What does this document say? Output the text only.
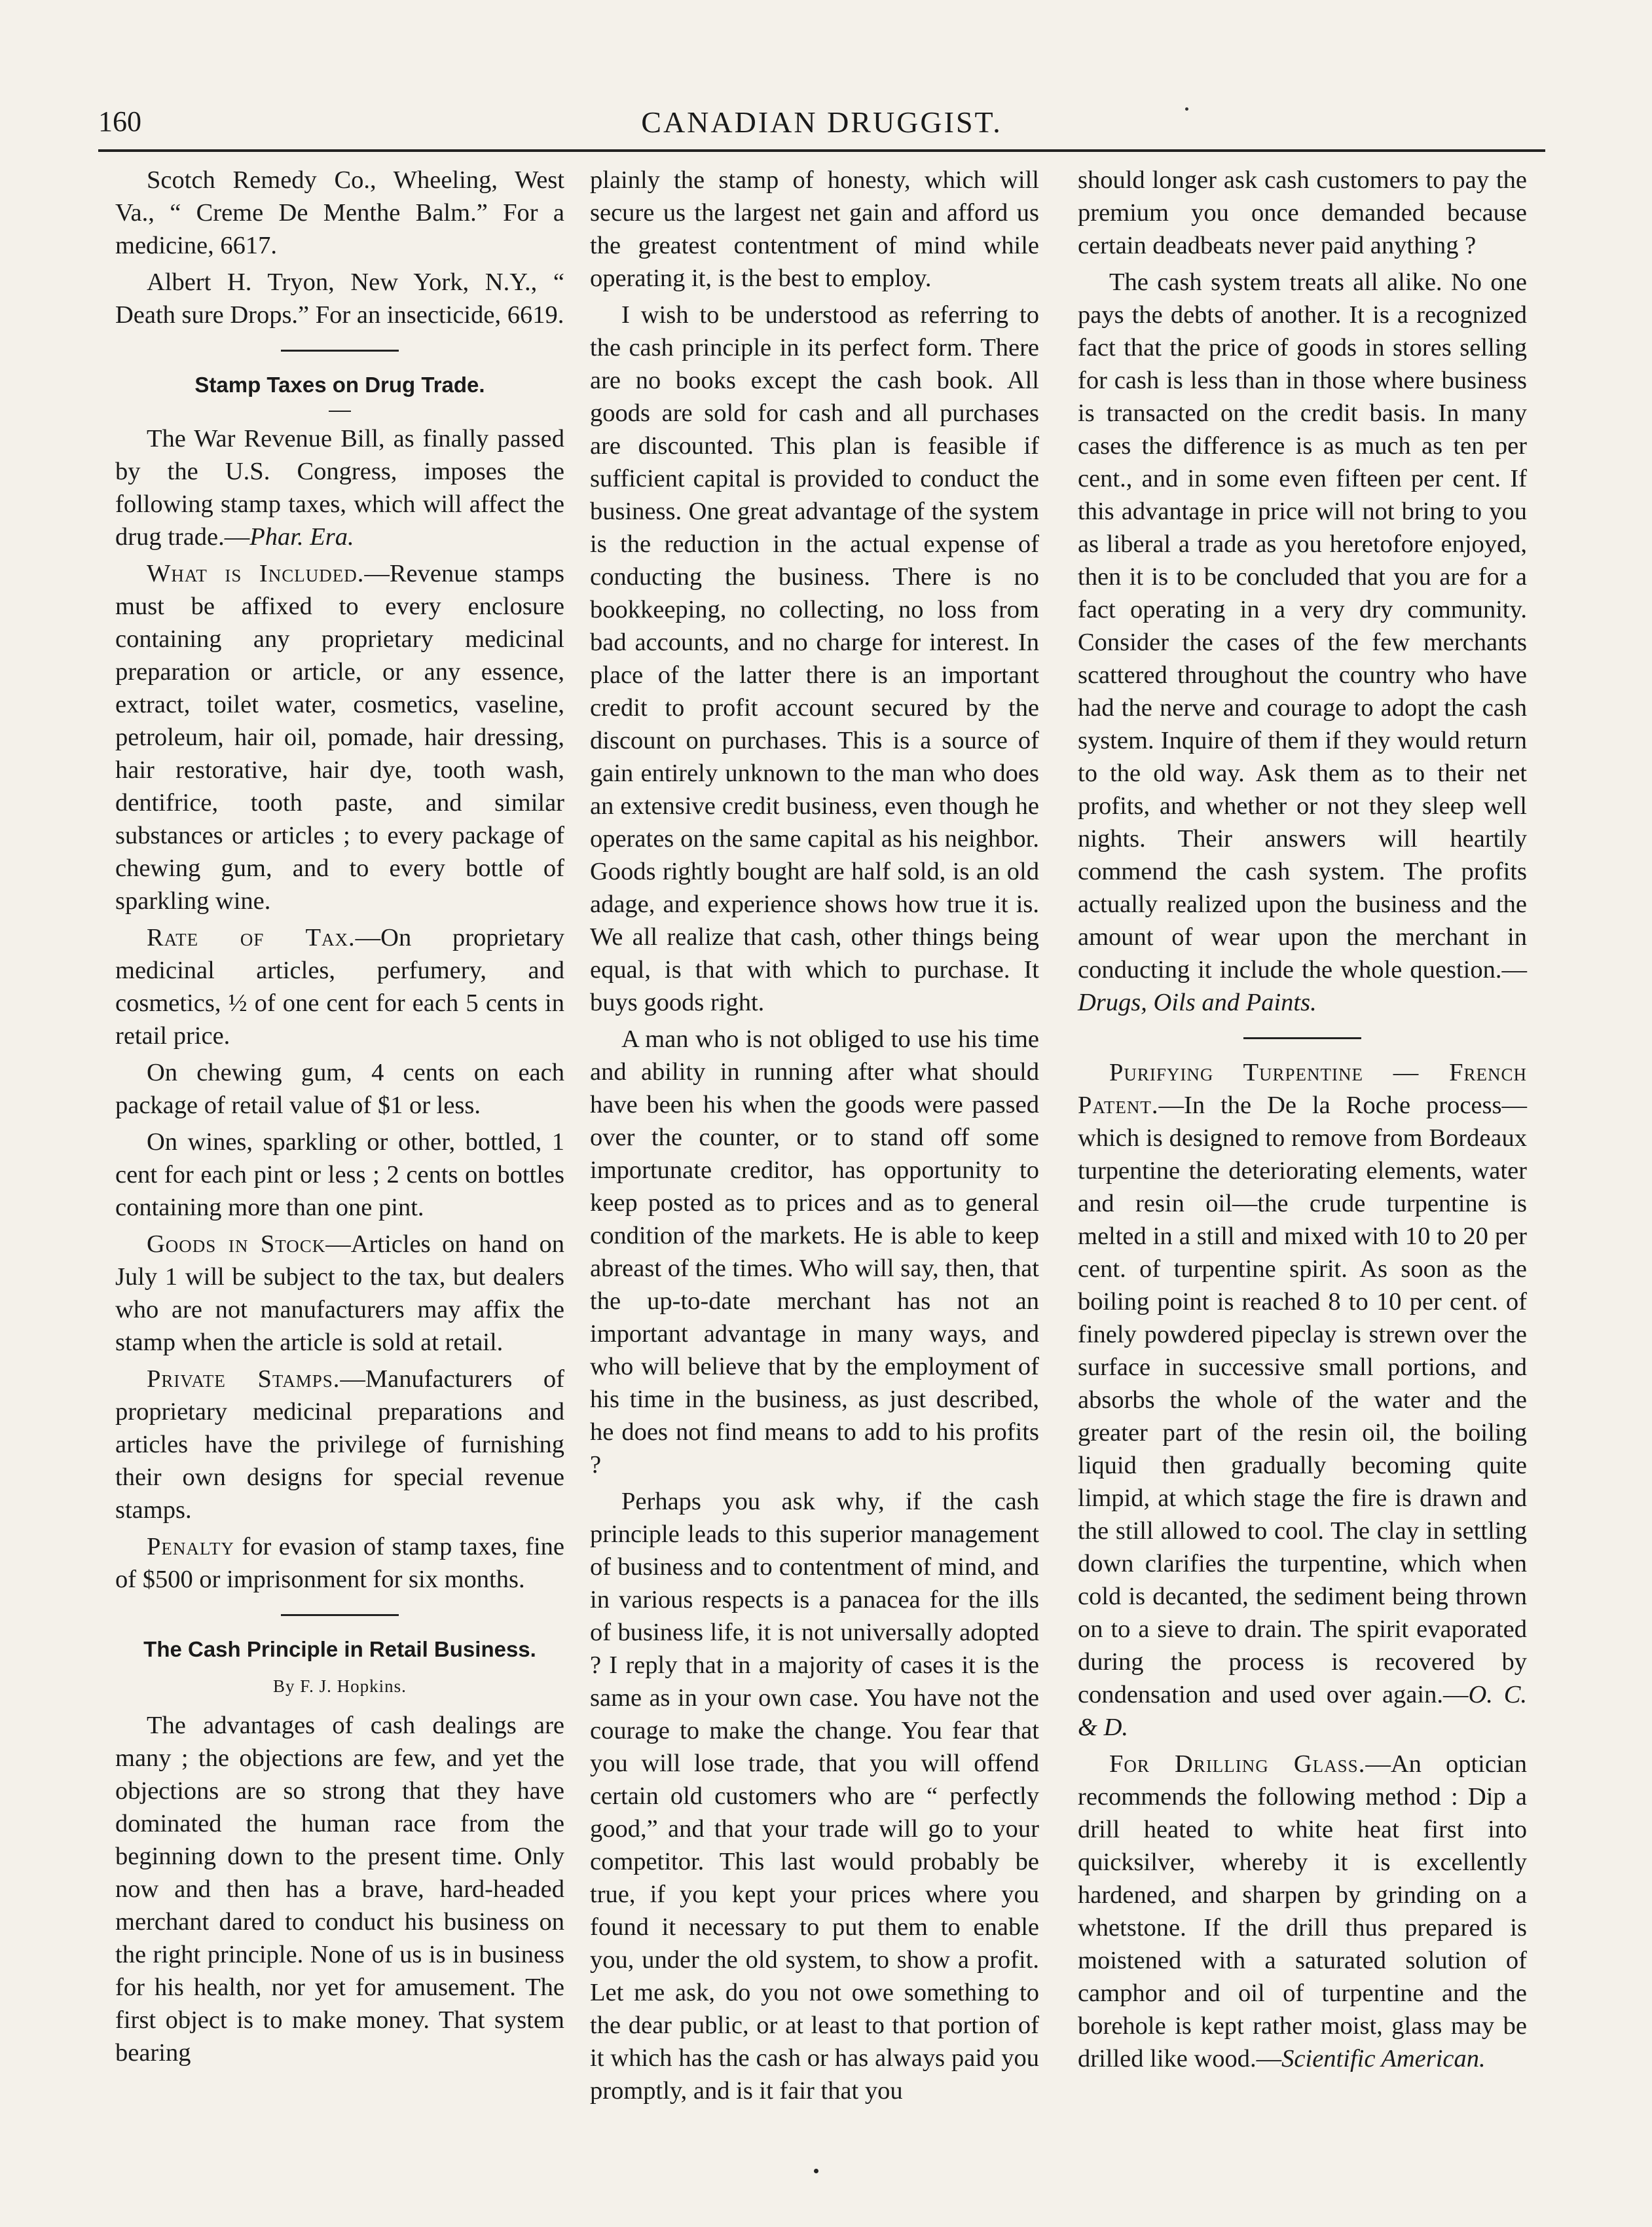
160	CANADIAN DRUGGIST.

Scotch Remedy Co., Wheeling, West Va., “ Creme De Menthe Balm.” For a medicine, 6617.

Albert H. Tryon, New York, N.Y., “ Death sure Drops.” For an insecticide, 6619.

Stamp Taxes on Drug Trade.

The War Revenue Bill, as finally passed by the U.S. Congress, imposes the following stamp taxes, which will affect the drug trade.—Phar. Era.

What is Included.—Revenue stamps must be affixed to every enclosure containing any proprietary medicinal preparation or article, or any essence, extract, toilet water, cosmetics, vaseline, petroleum, hair oil, pomade, hair dressing, hair restorative, hair dye, tooth wash, dentifrice, tooth paste, and similar substances or articles ; to every package of chewing gum, and to every bottle of sparkling wine.

Rate of Tax.—On proprietary medicinal articles, perfumery, and cosmetics, ½ of one cent for each 5 cents in retail price.

On chewing gum, 4 cents on each package of retail value of $1 or less.

On wines, sparkling or other, bottled, 1 cent for each pint or less ; 2 cents on bottles containing more than one pint.

Goods in Stock—Articles on hand on July 1 will be subject to the tax, but dealers who are not manufacturers may affix the stamp when the article is sold at retail.

Private Stamps.—Manufacturers of proprietary medicinal preparations and articles have the privilege of furnishing their own designs for special revenue stamps.

Penalty for evasion of stamp taxes, fine of $500 or imprisonment for six months.

The Cash Principle in Retail Business.
By F. J. Hopkins.

The advantages of cash dealings are many ; the objections are few, and yet the objections are so strong that they have dominated the human race from the beginning down to the present time. Only now and then has a brave, hard-headed merchant dared to conduct his business on the right principle. None of us is in business for his health, nor yet for amusement. The first object is to make money. That system bearing

plainly the stamp of honesty, which will secure us the largest net gain and afford us the greatest contentment of mind while operating it, is the best to employ.

I wish to be understood as referring to the cash principle in its perfect form. There are no books except the cash book. All goods are sold for cash and all purchases are discounted. This plan is feasible if sufficient capital is provided to conduct the business. One great advantage of the system is the reduction in the actual expense of conducting the business. There is no bookkeeping, no collecting, no loss from bad accounts, and no charge for interest. In place of the latter there is an important credit to profit account secured by the discount on purchases. This is a source of gain entirely unknown to the man who does an extensive credit business, even though he operates on the same capital as his neighbor. Goods rightly bought are half sold, is an old adage, and experience shows how true it is. We all realize that cash, other things being equal, is that with which to purchase. It buys goods right.

A man who is not obliged to use his time and ability in running after what should have been his when the goods were passed over the counter, or to stand off some importunate creditor, has opportunity to keep posted as to prices and as to general condition of the markets. He is able to keep abreast of the times. Who will say, then, that the up-to-date merchant has not an important advantage in many ways, and who will believe that by the employment of his time in the business, as just described, he does not find means to add to his profits ?

Perhaps you ask why, if the cash principle leads to this superior management of business and to contentment of mind, and in various respects is a panacea for the ills of business life, it is not universally adopted ? I reply that in a majority of cases it is the same as in your own case. You have not the courage to make the change. You fear that you will lose trade, that you will offend certain old customers who are “ perfectly good,” and that your trade will go to your competitor. This last would probably be true, if you kept your prices where you found it necessary to put them to enable you, under the old system, to show a profit. Let me ask, do you not owe something to the dear public, or at least to that portion of it which has the cash or has always paid you promptly, and is it fair that you

should longer ask cash customers to pay the premium you once demanded because certain deadbeats never paid anything ?

The cash system treats all alike. No one pays the debts of another. It is a recognized fact that the price of goods in stores selling for cash is less than in those where business is transacted on the credit basis. In many cases the difference is as much as ten per cent., and in some even fifteen per cent. If this advantage in price will not bring to you as liberal a trade as you heretofore enjoyed, then it is to be concluded that you are for a fact operating in a very dry community. Consider the cases of the few merchants scattered throughout the country who have had the nerve and courage to adopt the cash system. Inquire of them if they would return to the old way. Ask them as to their net profits, and whether or not they sleep well nights. Their answers will heartily commend the cash system. The profits actually realized upon the business and the amount of wear upon the merchant in conducting it include the whole question.—Drugs, Oils and Paints.

Purifying Turpentine — French Patent.—In the De la Roche process—which is designed to remove from Bordeaux turpentine the deteriorating elements, water and resin oil—the crude turpentine is melted in a still and mixed with 10 to 20 per cent. of turpentine spirit. As soon as the boiling point is reached 8 to 10 per cent. of finely powdered pipeclay is strewn over the surface in successive small portions, and absorbs the whole of the water and the greater part of the resin oil, the boiling liquid then gradually becoming quite limpid, at which stage the fire is drawn and the still allowed to cool. The clay in settling down clarifies the turpentine, which when cold is decanted, the sediment being thrown on to a sieve to drain. The spirit evaporated during the process is recovered by condensation and used over again.—O. C. & D.

For Drilling Glass.—An optician recommends the following method : Dip a drill heated to white heat first into quicksilver, whereby it is excellently hardened, and sharpen by grinding on a whetstone. If the drill thus prepared is moistened with a saturated solution of camphor and oil of turpentine and the borehole is kept rather moist, glass may be drilled like wood.—Scientific American.
